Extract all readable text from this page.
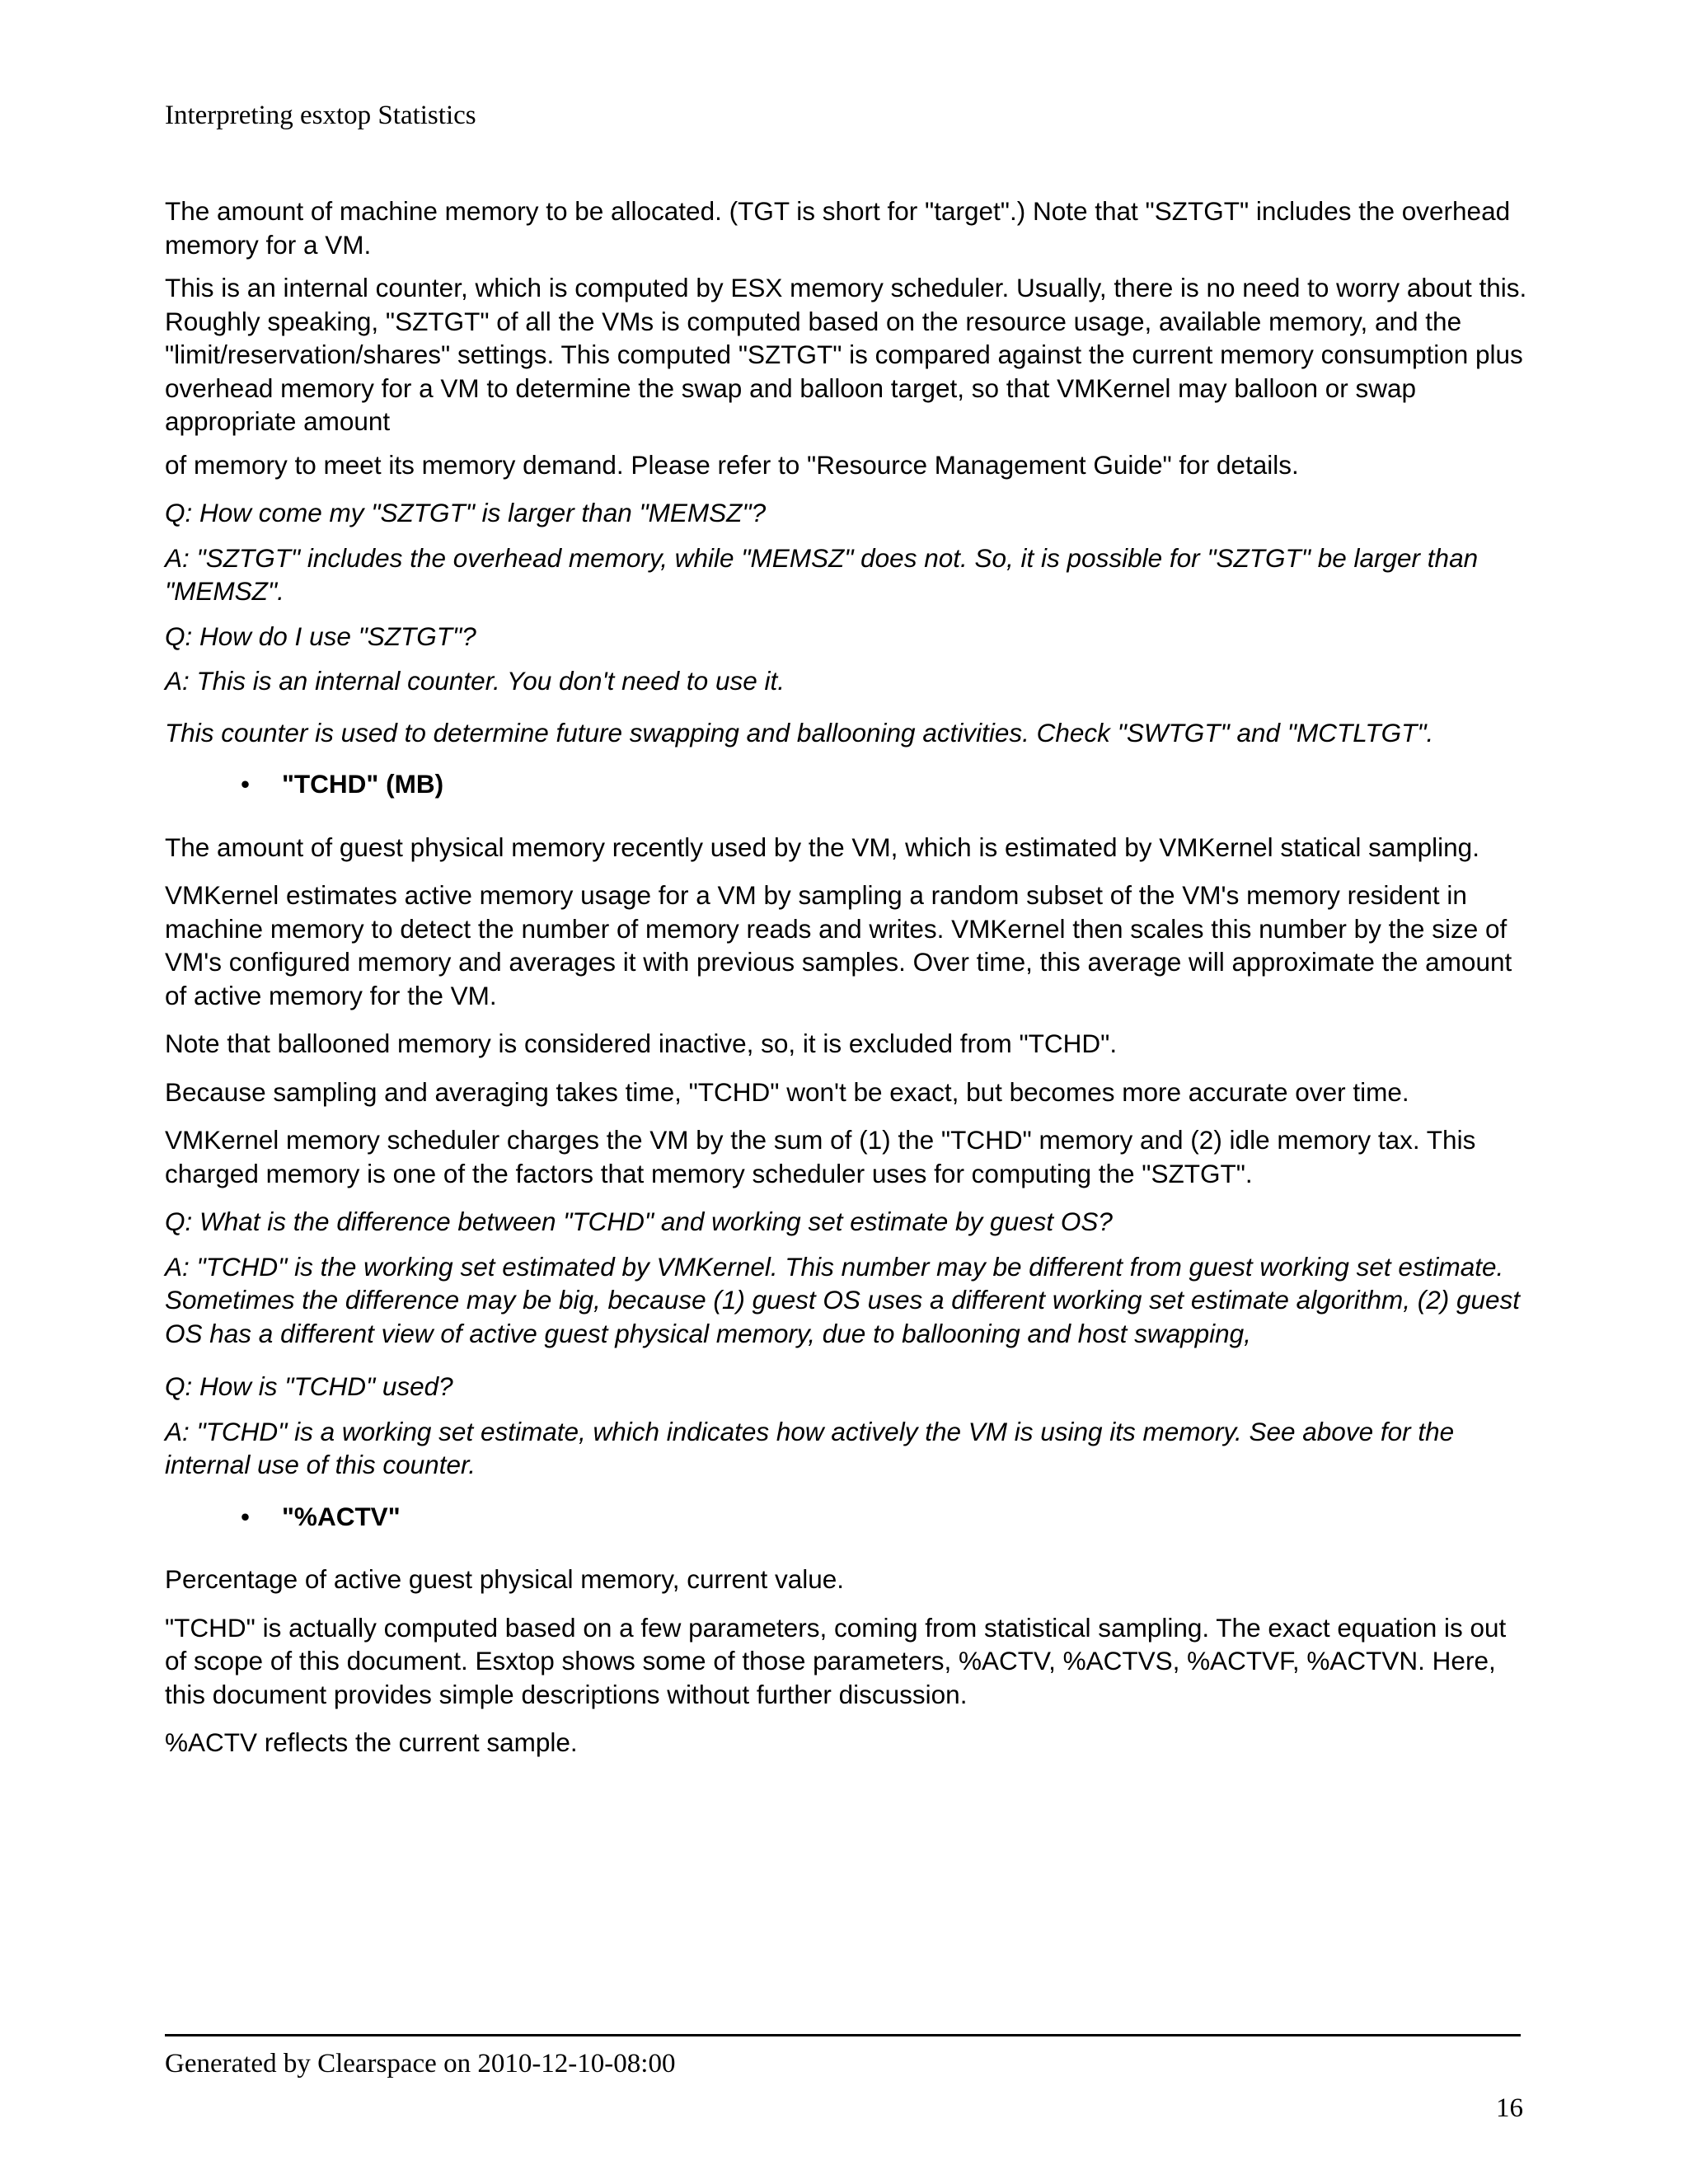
Interpreting esxtop Statistics

The amount of machine memory to be allocated. (TGT is short for "target".) Note that "SZTGT" includes the overhead memory for a VM.

This is an internal counter, which is computed by ESX memory scheduler. Usually, there is no need to worry about this. Roughly speaking, "SZTGT" of all the VMs is computed based on the resource usage, available memory, and the "limit/reservation/shares" settings. This computed "SZTGT" is compared against the current memory consumption plus overhead memory for a VM to determine the swap and balloon target, so that VMKernel may balloon or swap appropriate amount

of memory to meet its memory demand. Please refer to "Resource Management Guide" for details.

Q: How come my "SZTGT" is larger than "MEMSZ"?

A: "SZTGT" includes the overhead memory, while "MEMSZ" does not. So, it is possible for "SZTGT" be larger than "MEMSZ".

Q: How do I use "SZTGT"?

A: This is an internal counter. You don't need to use it.

This counter is used to determine future swapping and ballooning activities. Check "SWTGT" and "MCTLTGT".

• "TCHD" (MB)

The amount of guest physical memory recently used by the VM, which is estimated by VMKernel statical sampling.

VMKernel estimates active memory usage for a VM by sampling a random subset of the VM's memory resident in machine memory to detect the number of memory reads and writes. VMKernel then scales this number by the size of VM's configured memory and averages it with previous samples. Over time, this average will approximate the amount of active memory for the VM.

Note that ballooned memory is considered inactive, so, it is excluded from "TCHD".

Because sampling and averaging takes time, "TCHD" won't be exact, but becomes more accurate over time.

VMKernel memory scheduler charges the VM by the sum of (1) the "TCHD" memory and (2) idle memory tax. This charged memory is one of the factors that memory scheduler uses for computing the "SZTGT".

Q: What is the difference between "TCHD" and working set estimate by guest OS?

A: "TCHD" is the working set estimated by VMKernel. This number may be different from guest working set estimate. Sometimes the difference may be big, because (1) guest OS uses a different working set estimate algorithm, (2) guest OS has a different view of active guest physical memory, due to ballooning and host swapping,

Q: How is "TCHD" used?

A: "TCHD" is a working set estimate, which indicates how actively the VM is using its memory. See above for the internal use of this counter.

• "%ACTV"

Percentage of active guest physical memory, current value.

"TCHD" is actually computed based on a few parameters, coming from statistical sampling. The exact equation is out of scope of this document. Esxtop shows some of those parameters, %ACTV, %ACTVS, %ACTVF, %ACTVN. Here, this document provides simple descriptions without further discussion.

%ACTV reflects the current sample.

Generated by Clearspace on 2010-12-10-08:00
16
